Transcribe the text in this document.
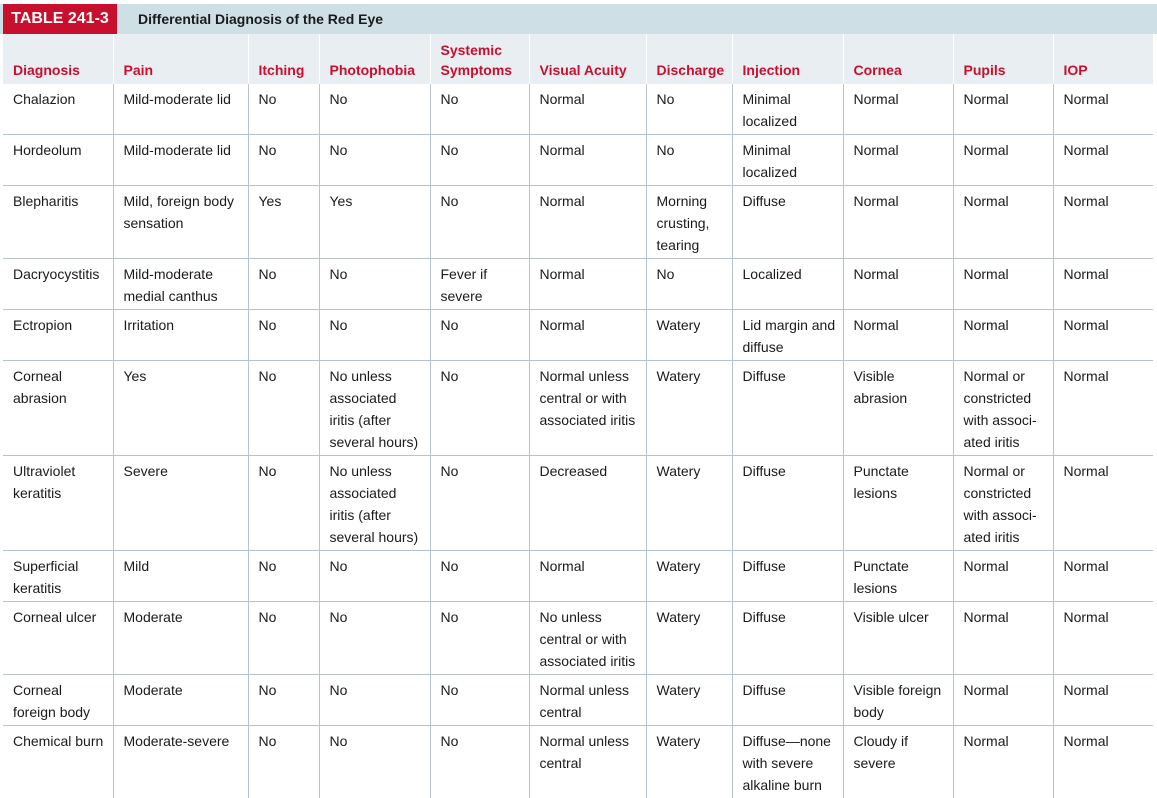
TABLE 241-3	Differential Diagnosis of the Red Eye
Diagnosis	Pain	Itching	Photophobia	Systemic Symptoms	Visual Acuity	Discharge	Injection	Cornea	Pupils	IOP
Chalazion	Mild-moderate lid	No	No	No	Normal	No	Minimal localized	Normal	Normal	Normal
Hordeolum	Mild-moderate lid	No	No	No	Normal	No	Minimal localized	Normal	Normal	Normal
Blepharitis	Mild, foreign body sensation	Yes	Yes	No	Normal	Morning crusting, tearing	Diffuse	Normal	Normal	Normal
Dacryocystitis	Mild-moderate medial canthus	No	No	Fever if severe	Normal	No	Localized	Normal	Normal	Normal
Ectropion	Irritation	No	No	No	Normal	Watery	Lid margin and diffuse	Normal	Normal	Normal
Corneal abrasion	Yes	No	No unless associated iritis (after several hours)	No	Normal unless central or with associated iritis	Watery	Diffuse	Visible abrasion	Normal or constricted with associ-ated iritis	Normal
Ultraviolet keratitis	Severe	No	No unless associated iritis (after several hours)	No	Decreased	Watery	Diffuse	Punctate lesions	Normal or constricted with associ-ated iritis	Normal
Superficial keratitis	Mild	No	No	No	Normal	Watery	Diffuse	Punctate lesions	Normal	Normal
Corneal ulcer	Moderate	No	No	No	No unless central or with associated iritis	Watery	Diffuse	Visible ulcer	Normal	Normal
Corneal foreign body	Moderate	No	No	No	Normal unless central	Watery	Diffuse	Visible foreign body	Normal	Normal
Chemical burn	Moderate-severe	No	No	No	Normal unless central	Watery	Diffuse—none with severe alkaline burn	Cloudy if severe	Normal	Normal
